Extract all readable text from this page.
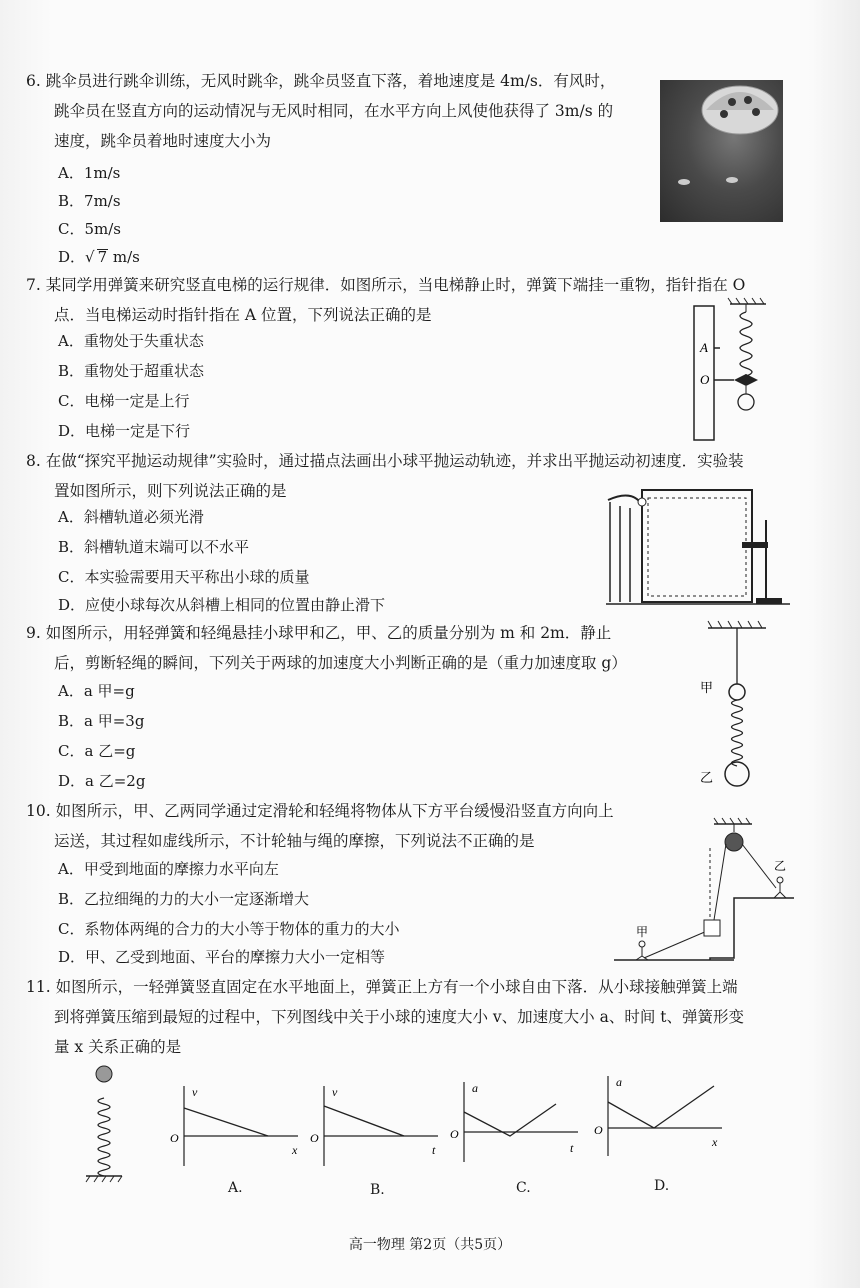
6. 跳伞员进行跳伞训练，无风时跳伞，跳伞员竖直下落，着地速度是 4m/s．有风时，
跳伞员在竖直方向的运动情况与无风时相同，在水平方向上风使他获得了 3m/s 的
速度，跳伞员着地时速度大小为
A．1m/s
B．7m/s
C．5m/s
D．√ 7 m/s
7. 某同学用弹簧来研究竖直电梯的运行规律．如图所示，当电梯静止时，弹簧下端挂一重物，指针指在 O
点．当电梯运动时指针指在 A 位置，下列说法正确的是
A．重物处于失重状态
B．重物处于超重状态
C．电梯一定是上行
D．电梯一定是下行
A
O
8. 在做“探究平抛运动规律”实验时，通过描点法画出小球平抛运动轨迹，并求出平抛运动初速度．实验装
置如图所示，则下列说法正确的是
A．斜槽轨道必须光滑
B．斜槽轨道末端可以不水平
C．本实验需要用天平称出小球的质量
D．应使小球每次从斜槽上相同的位置由静止滑下
9. 如图所示，用轻弹簧和轻绳悬挂小球甲和乙，甲、乙的质量分别为 m 和 2m．静止
后，剪断轻绳的瞬间，下列关于两球的加速度大小判断正确的是（重力加速度取 g）
A．a 甲=g
B．a 甲=3g
C．a 乙=g
D．a 乙=2g
甲
乙
10. 如图所示，甲、乙两同学通过定滑轮和轻绳将物体从下方平台缓慢沿竖直方向向上
运送，其过程如虚线所示，不计轮轴与绳的摩擦，下列说法不正确的是
A．甲受到地面的摩擦力水平向左
B．乙拉细绳的力的大小一定逐渐增大
C．系物体两绳的合力的大小等于物体的重力的大小
D．甲、乙受到地面、平台的摩擦力大小一定相等
甲
乙
11. 如图所示，一轻弹簧竖直固定在水平地面上，弹簧正上方有一个小球自由下落．从小球接触弹簧上端
到将弹簧压缩到最短的过程中，下列图线中关于小球的速度大小 v、加速度大小 a、时间 t、弹簧形变
量 x 关系正确的是
v
x
O
A.
v
t
O
B.
a
t
O
C.
a
x
O
D.
高一物理 第2页（共5页）
